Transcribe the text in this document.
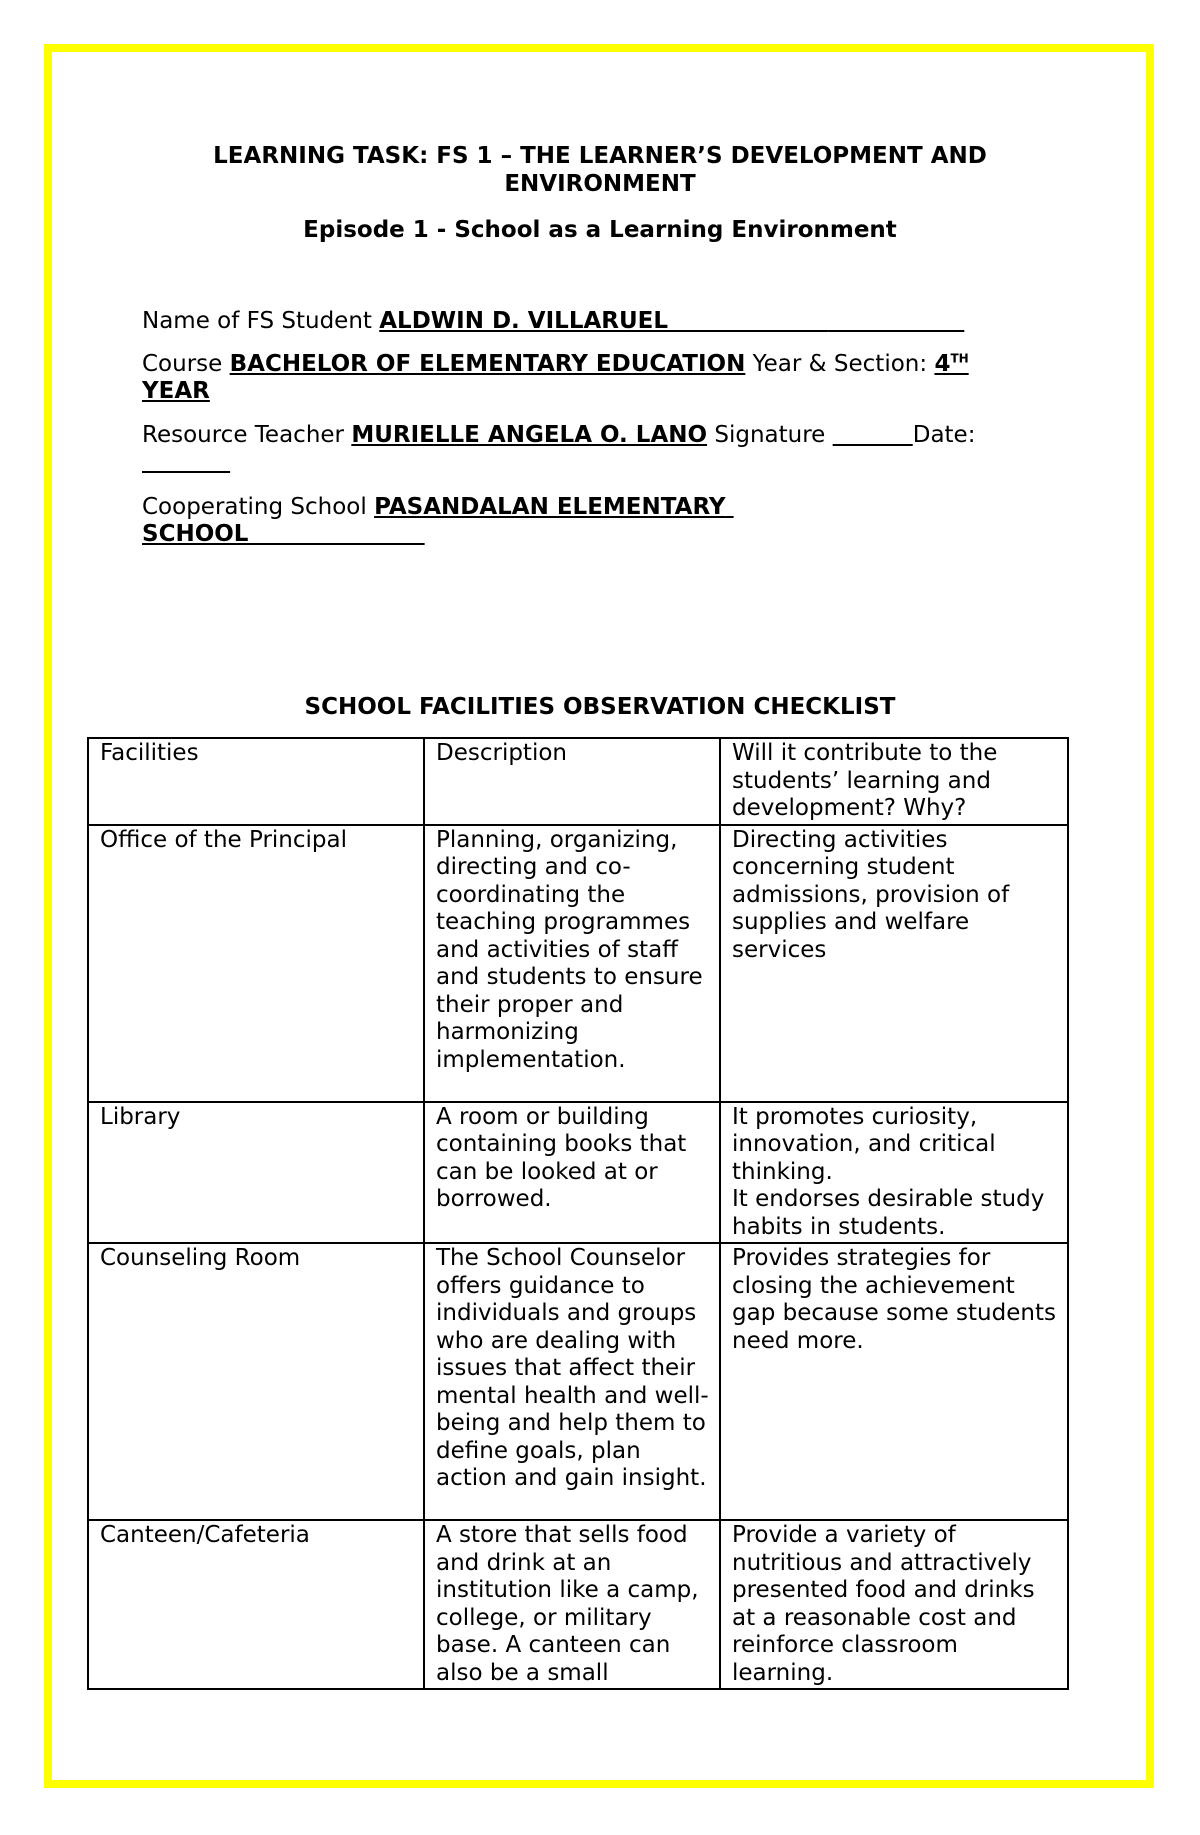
LEARNING TASK: FS 1 – THE LEARNER’S DEVELOPMENT AND
ENVIRONMENT
Episode 1 - School as a Learning Environment
Name of FS Student ALDWIN D. VILLARUEL
Course BACHELOR OF ELEMENTARY EDUCATION Year & Section: 4TH
YEAR
Resource Teacher MURIELLE ANGELA O. LANO Signature	Date:

Cooperating School PASANDALAN ELEMENTARY
SCHOOL
SCHOOL FACILITIES OBSERVATION CHECKLIST
Facilities	Description	Will it contribute to the students’ learning and development? Why?
Office of the Principal	Planning, organizing, directing and co-coordinating the teaching programmes and activities of staff and students to ensure their proper and harmonizing implementation.	Directing activities concerning student admissions, provision of supplies and welfare services

Library	A room or building containing books that can be looked at or borrowed.	It promotes curiosity, innovation, and critical thinking.
It endorses desirable study habits in students.

Counseling Room	The School Counselor offers guidance to individuals and groups who are dealing with issues that affect their mental health and well-being and help them to define goals, plan action and gain insight.	Provides strategies for closing the achievement gap because some students need more.

Canteen/Cafeteria	A store that sells food and drink at an institution like a camp, college, or military base. A canteen can also be a small	Provide a variety of nutritious and attractively presented food and drinks at a reasonable cost and reinforce classroom learning.
